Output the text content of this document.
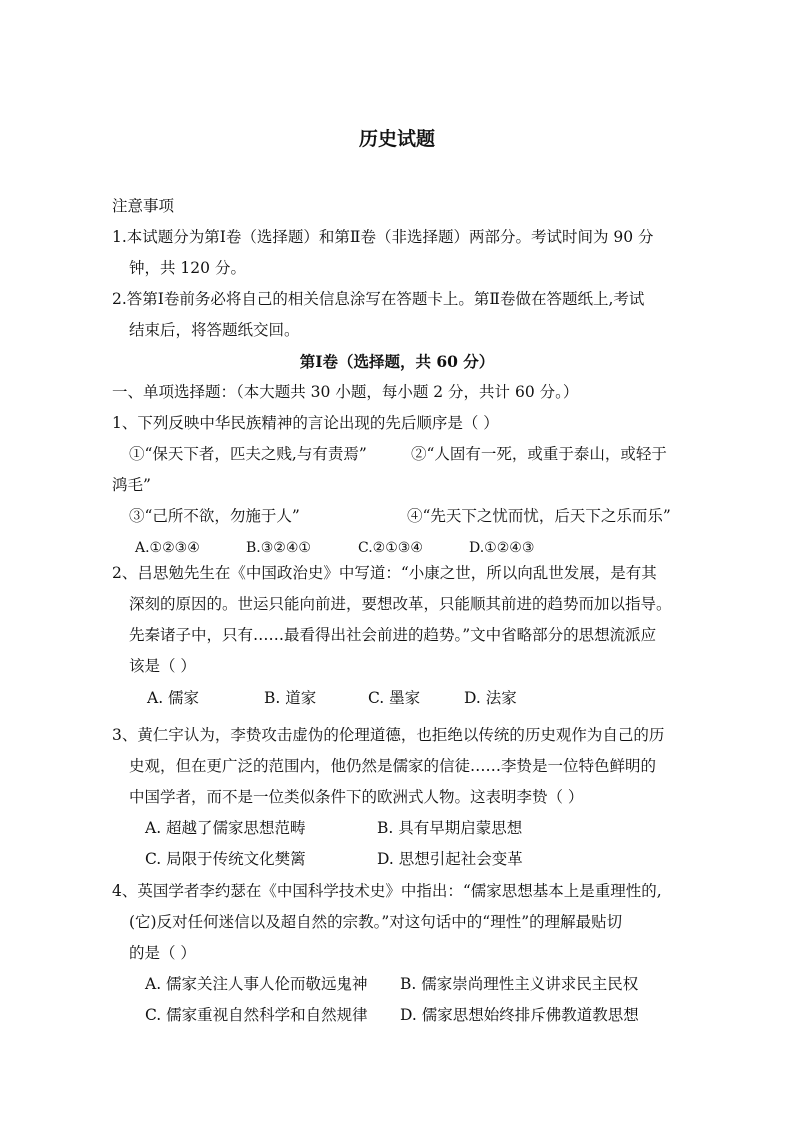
历史试题
注意事项
1.本试题分为第Ⅰ卷（选择题）和第Ⅱ卷（非选择题）两部分。考试时间为 90 分
钟，共 120 分。
2.答第Ⅰ卷前务必将自己的相关信息涂写在答题卡上。第Ⅱ卷做在答题纸上,考试
结束后，将答题纸交回。
第Ⅰ卷（选择题，共 60 分）
一、单项选择题：（本大题共 30 小题，每小题 2 分，共计 60 分。）
1、下列反映中华民族精神的言论出现的先后顺序是（ ）
①“保天下者，匹夫之贱,与有责焉”	②“人固有一死，或重于泰山，或轻于
鸿毛”
③“己所不欲，勿施于人”	④“先天下之忧而忧，后天下之乐而乐”
A.①②③④	B.③②④①	C.②①③④	D.①②④③
2、吕思勉先生在《中国政治史》中写道：“小康之世，所以向乱世发展，是有其
深刻的原因的。世运只能向前进，要想改革，只能顺其前进的趋势而加以指导。
先秦诸子中，只有……最看得出社会前进的趋势。”文中省略部分的思想流派应
该是（ ）
A. 儒家	B. 道家	C. 墨家	D. 法家
3、黄仁宇认为，李贽攻击虚伪的伦理道德，也拒绝以传统的历史观作为自己的历
史观，但在更广泛的范围内，他仍然是儒家的信徒……李贽是一位特色鲜明的
中国学者，而不是一位类似条件下的欧洲式人物。这表明李贽（ ）
A. 超越了儒家思想范畴	B. 具有早期启蒙思想
C. 局限于传统文化樊篱	D. 思想引起社会变革
4、英国学者李约瑟在《中国科学技术史》中指出：“儒家思想基本上是重理性的,
(它)反对任何迷信以及超自然的宗教。”对这句话中的“理性”的理解最贴切
的是（ ）
A. 儒家关注人事人伦而敬远鬼神 B. 儒家崇尚理性主义讲求民主民权
C. 儒家重视自然科学和自然规律 D. 儒家思想始终排斥佛教道教思想
